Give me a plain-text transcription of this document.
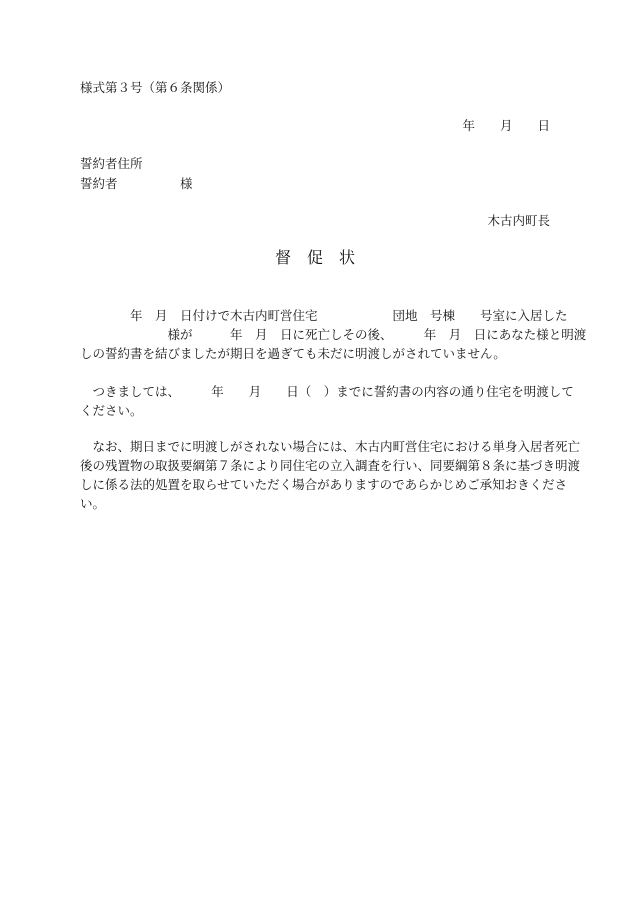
様式第３号（第６条関係）
年　　月　　日
誓約者住所
誓約者　　　　　様
木古内町長
督　促　状
　　　　年　月　日付けで木古内町営住宅　　　　　　団地　号棟　　号室に入居した
　　　　　　　様が　　　年　月　日に死亡しその後、　　　年　月　日にあなた様と明渡
しの誓約書を結びましたが期日を過ぎても未だに明渡しがされていません。
　つきましては、　　　年　　月　　日（　）までに誓約書の内容の通り住宅を明渡して
ください。
　なお、期日までに明渡しがされない場合には、木古内町営住宅における単身入居者死亡
後の残置物の取扱要綱第７条により同住宅の立入調査を行い、同要綱第８条に基づき明渡
しに係る法的処置を取らせていただく場合がありますのであらかじめご承知おきくださ
い。
